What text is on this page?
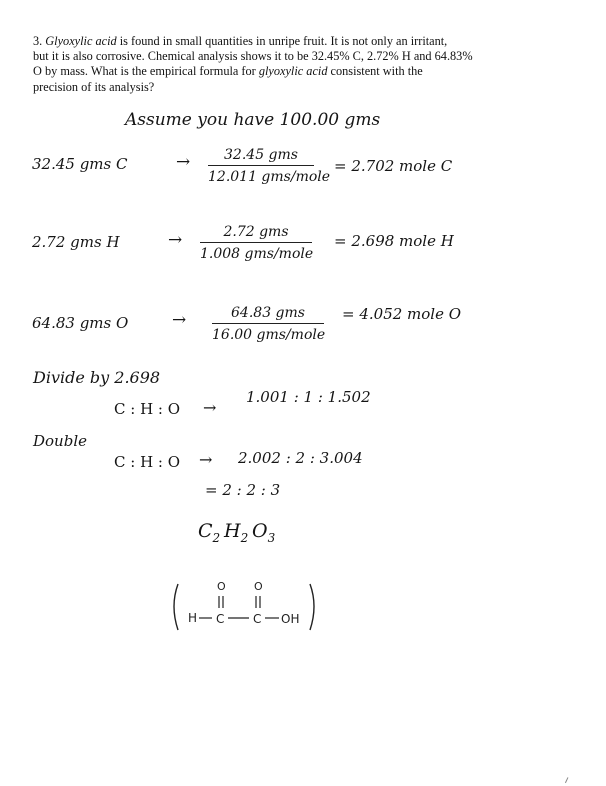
3. Glyoxylic acid is found in small quantities in unripe fruit. It is not only an irritant,
but it is also corrosive. Chemical analysis shows it to be 32.45% C, 2.72% H and 64.83%
O by mass. What is the empirical formula for glyoxylic acid consistent with the
precision of its analysis?
Assume you have 100.00 gms
32.45 gms C	→	32.45 gms
12.011 gms/mole
= 2.702 mole C
2.72 gms H	→	2.72 gms
1.008 gms/mole
= 2.698 mole H
64.83 gms O	→	64.83 gms
16.00 gms/mole
= 4.052 mole O
Divide by 2.698
C : H : O →
1.001 : 1 : 1.502
Double
C : H : O → 2.002 : 2 : 3.004
= 2 : 2 : 3
$C_2$  $H_2$  $O_3$
O	O
H C C OH
